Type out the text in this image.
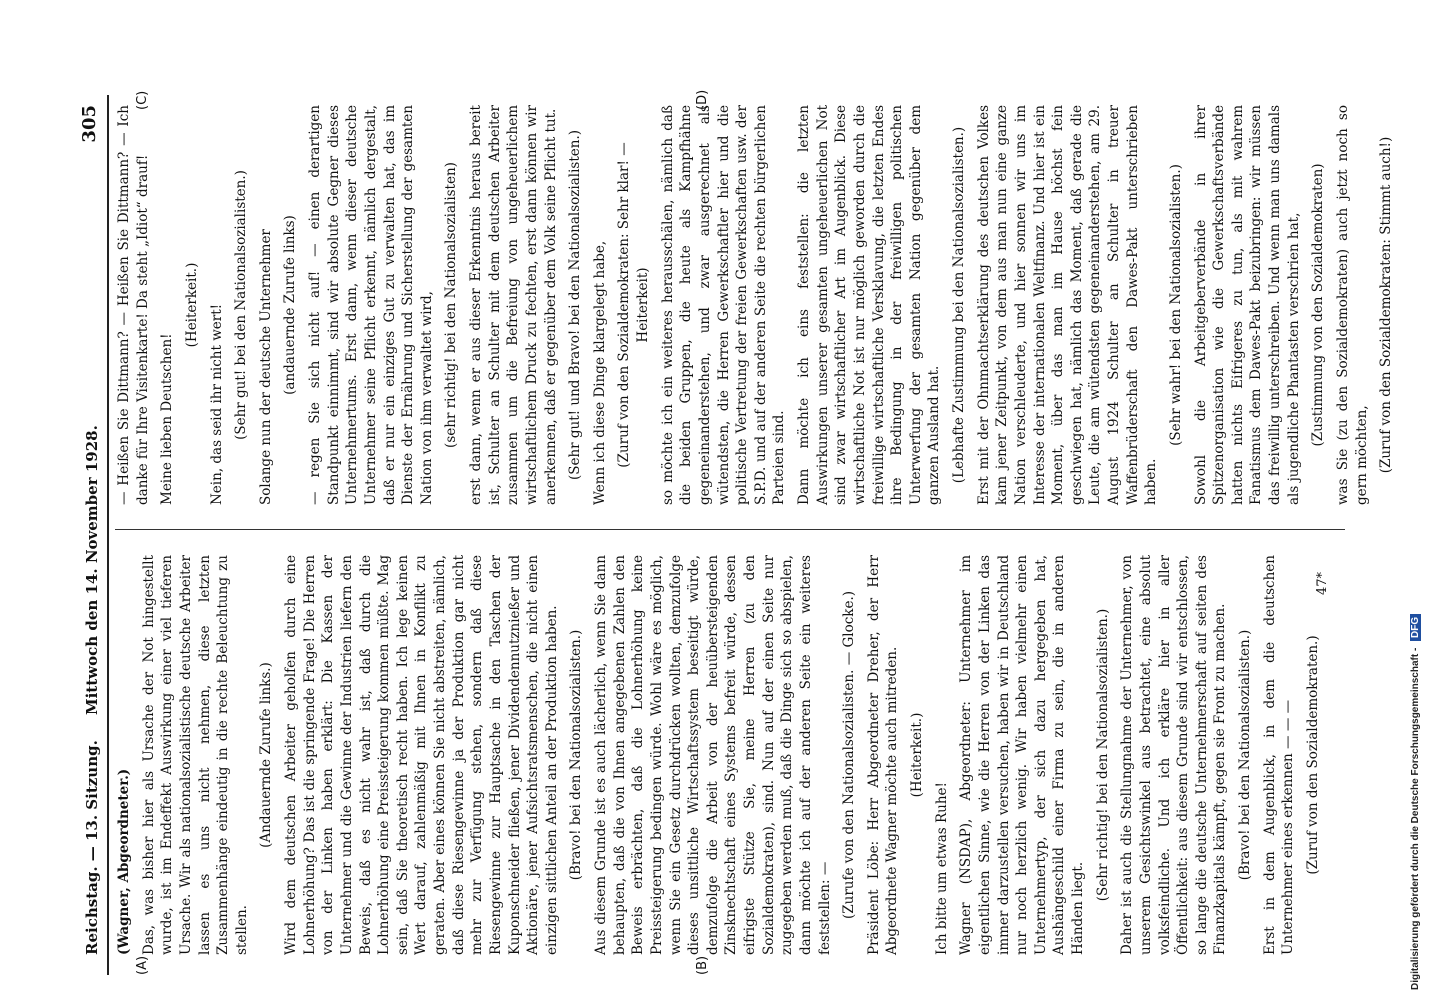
Reichstag. — 13. Sitzung.
Mittwoch den 14. November 1928.
305
(A)	(B)
(C)	(D)

(Wagner, Abgeordneter.) Das, was bisher hier als Ursache der Not hingestellt wurde, ist im Endeffekt Auswirkung einer viel tieferen Ursache. Wir als nationalsozialistische deutsche Arbeiter lassen es uns nicht nehmen, diese letzten Zusammenhänge eindeutig in die rechte Beleuchtung zu stellen.

(Andauernde Zurufe links.) Wird dem deutschen Arbeiter geholfen durch eine Lohnerhöhung? Das ist die springende Frage! Die Herren von der Linken haben erklärt: Die Kassen der Unternehmer und die Gewinne der Industrien liefern den Beweis, daß es nicht wahr ist, daß durch die Lohnerhöhung eine Preissteigerung kommen müßte. Mag sein, daß Sie theoretisch recht haben. Ich lege keinen Wert darauf, zahlenmäßig mit Ihnen in Konflikt zu geraten. Aber eines können Sie nicht abstreiten, nämlich, daß diese Riesengewinne ja der Produktion gar nicht mehr zur Verfügung stehen, sondern daß diese Riesengewinne zur Hauptsache in den Taschen der Kuponschneider fließen, jener Dividendennutznießer und Aktionäre, jener Aufsichtsratsmenschen, die nicht einen einzigen sittlichen Anteil an der Produktion haben. (Bravo! bei den Nationalsozialisten.) Aus diesem Grunde ist es auch lächerlich, wenn Sie dann behaupten, daß die von Ihnen angegebenen Zahlen den Beweis erbrächten, daß die Lohnerhöhung keine Preissteigerung bedingen würde. Wohl wäre es möglich, wenn Sie ein Gesetz durchdrücken wollten, demzufolge dieses unsittliche Wirtschaftssystem beseitigt würde, demzufolge die Arbeit von der heuübersteigenden Zinsknechtschaft eines Systems befreit würde, dessen eifrigste Stütze Sie, meine Herren (zu den Sozialdemokraten), sind. Nun auf der einen Seite nur zugegeben werden muß, daß die Dinge sich so abspielen, dann möchte ich auf der anderen Seite ein weiteres feststellen: — (Zurufe von den Nationalsozialisten. — Glocke.) Präsident Löbe: Herr Abgeordneter Dreher, der Herr Abgeordnete Wagner möchte auch mitreden. (Heiterkeit.)

Ich bitte um etwas Ruhe! Wagner (NSDAP), Abgeordneter: Unternehmer im eigentlichen Sinne, wie die Herren von der Linken das immer darzustellen versuchen, haben wir in Deutschland nur noch herzlich wenig. Wir haben vielmehr einen Unternehmertyp, der sich dazu hergegeben hat, Aushängeschild einer Firma zu sein, die in anderen Händen liegt.

(Sehr richtig! bei den Nationalsozialisten.) Daher ist auch die Stellungnahme der Unternehmer, von unserem Gesichtswinkel aus betrachtet, eine absolut volksfeindliche. Und ich erkläre hier in aller Öffentlichkeit: aus diesem Grunde sind wir entschlossen, so lange die deutsche Unternehmerschaft auf seiten des Finanzkapitals kämpft, gegen sie Front zu machen. (Bravo! bei den Nationalsozialisten.) Erst in dem Augenblick, in dem die deutschen Unternehmer eines erkennen — — — (Zuruf von den Sozialdemokraten.)

— Heißen Sie Dittmann? — Heißen Sie Dittmann? — Ich danke für Ihre Visitenkarte! Da steht „Idiot“ drauf! Meine lieben Deutschen!

(Heiterkeit.) Nein, das seid ihr nicht wert! (Sehr gut! bei den Nationalsozialisten.) Solange nun der deutsche Unternehmer (andauernde Zurufe links) — regen Sie sich nicht auf! — einen derartigen Standpunkt einnimmt, sind wir absolute Gegner dieses Unternehmertums. Erst dann, wenn dieser deutsche Unternehmer seine Pflicht erkennt, nämlich dergestalt, daß er nur ein einziges Gut zu verwalten hat, das im Dienste der Ernährung und Sicherstellung der gesamten Nation von ihm verwaltet wird, (sehr richtig! bei den Nationalsozialisten) erst dann, wenn er aus dieser Erkenntnis heraus bereit ist, Schulter an Schulter mit dem deutschen Arbeiter zusammen um die Befreiung von ungeheuerlichem wirtschaftlichem Druck zu fechten, erst dann können wir anerkennen, daß er gegenüber dem Volk seine Pflicht tut. (Sehr gut! und Bravo! bei den Nationalsozialisten.) Wenn ich diese Dinge klargelegt habe, (Zuruf von den Sozialdemokraten: Sehr klar! — Heiterkeit) so möchte ich ein weiteres herausschälen, nämlich daß die beiden Gruppen, die heute als Kampfhähne gegeneinanderstehen, und zwar ausgerechnet als wütendsten, die Herren Gewerkschaftler hier und die politische Vertretung der freien Gewerkschaften usw. der S.P.D. und auf der anderen Seite die rechten bürgerlichen Parteien sind. Dann möchte ich eins feststellen: die letzten Auswirkungen unserer gesamten ungeheuerlichen Not sind zwar wirtschaftlicher Art im Augenblick. Diese wirtschaftliche Not ist nur möglich geworden durch die freiwillige wirtschaftliche Versklavung, die letzten Endes ihre Bedingung in der freiwilligen politischen Unterwerfung der gesamten Nation gegenüber dem ganzen Ausland hat. (Lebhafte Zustimmung bei den Nationalsozialisten.) Erst mit der Ohnmachtserklärung des deutschen Volkes kam jener Zeitpunkt, von dem aus man nun eine ganze Nation verschleuderte, und hier sonnen wir uns im Interesse der internationalen Weltfinanz. Und hier ist ein Moment, über das man im Hause höchst fein geschwiegen hat, nämlich das Moment, daß gerade die Leute, die am wütendsten gegeneinanderstehen, am 29. August 1924 Schulter an Schulter in treuer Waffenbrüderschaft den Dawes-Pakt unterschrieben haben.

(Sehr wahr! bei den Nationalsozialisten.) Sowohl die Arbeitgeberverbände in ihrer Spitzenorganisation wie die Gewerkschaftsverbände hatten nichts Eifrigeres zu tun, als mit wahrem Fanatismus dem Dawes-Pakt beizubringen: wir müssen das freiwillig unterschreiben. Und wenn man uns damals als jugendliche Phantasten verschrien hat, (Zustimmung von den Sozialdemokraten) was Sie (zu den Sozialdemokraten) auch jetzt noch so gern möchten, (Zuruf von den Sozialdemokraten: Stimmt auch!)

47*
Digitalisierung gefördert durch die Deutsche Forschungsgemeinschaft - DFG
